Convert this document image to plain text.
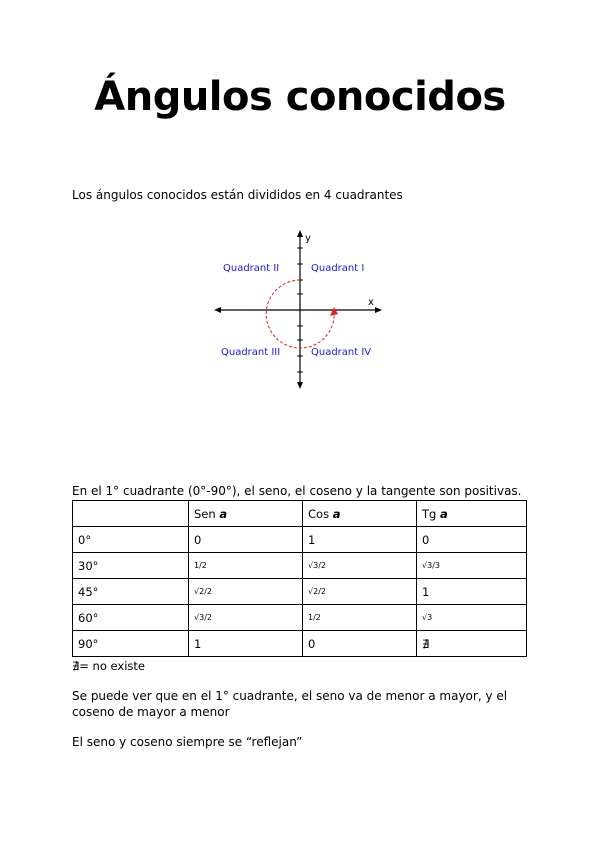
Ángulos conocidos
Los ángulos conocidos están divididos en 4 cuadrantes
y
x
Quadrant II	Quadrant I
Quadrant III	Quadrant IV
En el 1° cuadrante (0°-90°), el seno, el coseno y la tangente son positivas.
	Sen a	Cos a	Tg a
0°	0	1	0
30°	1/2	√3/2	√3/3
45°	√2/2	√2/2	1
60°	√3/2	1/2	√3
90°	1	0	∄
∄= no existe
Se puede ver que en el 1° cuadrante, el seno va de menor a mayor, y el coseno de mayor a menor
El seno y coseno siempre se “reflejan”
